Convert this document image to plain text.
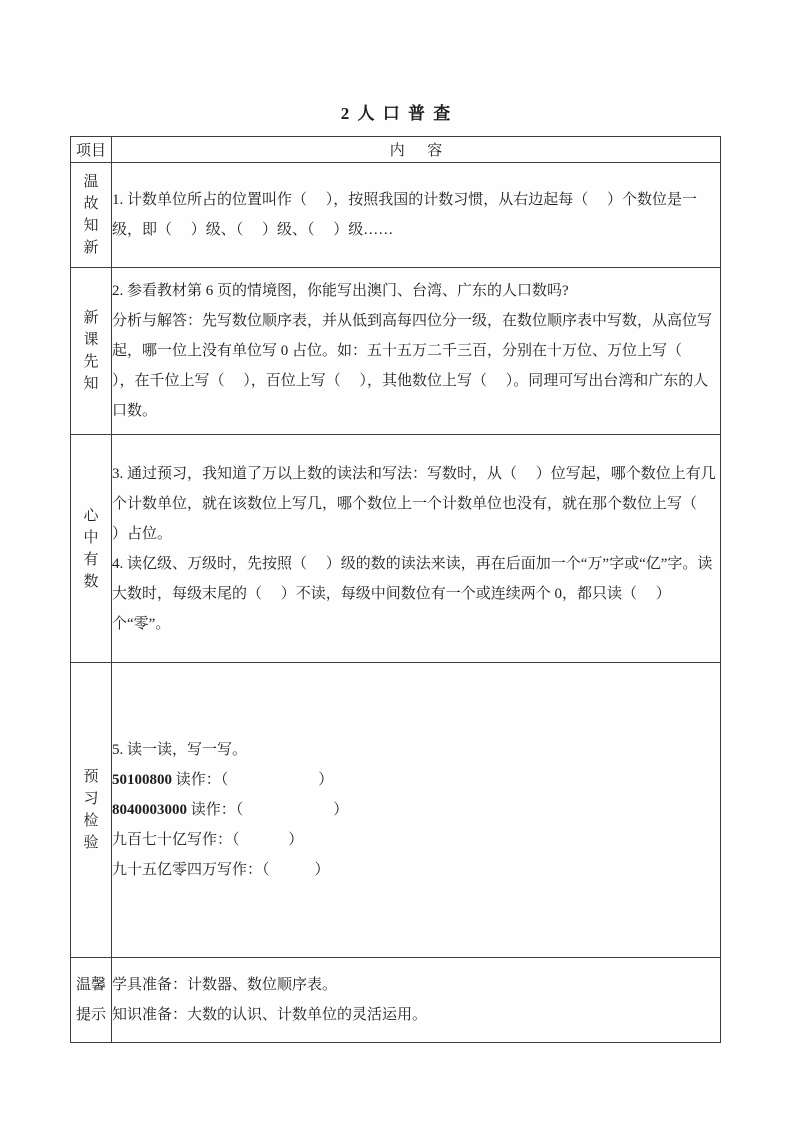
2 人 口 普 查
项目	内      容

温故知新	1. 计数单位所占的位置叫作（     ），按照我国的计数习惯，从右边起每（     ）个数位是一级，即（     ）级、（     ）级、（     ）级……

新课先知	2. 参看教材第 6 页的情境图，你能写出澳门、台湾、广东的人口数吗?

分析与解答：先写数位顺序表，并从低到高每四位分一级，在数位顺序表中写数，从高位写起，哪一位上没有单位写 0 占位。如：五十五万二千三百，分别在十万位、万位上写（     ），在千位上写（     ），百位上写（     ），其他数位上写（     ）。同理可写出台湾和广东的人口数。

心中有数	3. 通过预习，我知道了万以上数的读法和写法：写数时，从（     ）位写起，哪个数位上有几个计数单位，就在该数位上写几，哪个数位上一个计数单位也没有，就在那个数位上写（     ）占位。

4. 读亿级、万级时，先按照（     ）级的数的读法来读，再在后面加一个“万”字或“亿”字。读大数时，每级末尾的（     ）不读，每级中间数位有一个或连续两个 0，都只读（     ）个“零”。

预习检验	5. 读一读，写一写。

50100800 读作：（                        ）

8040003000 读作：（                        ）

九百七十亿写作：（             ）

九十五亿零四万写作：（            ）

温馨提示	学具准备：计数器、数位顺序表。

知识准备：大数的认识、计数单位的灵活运用。
